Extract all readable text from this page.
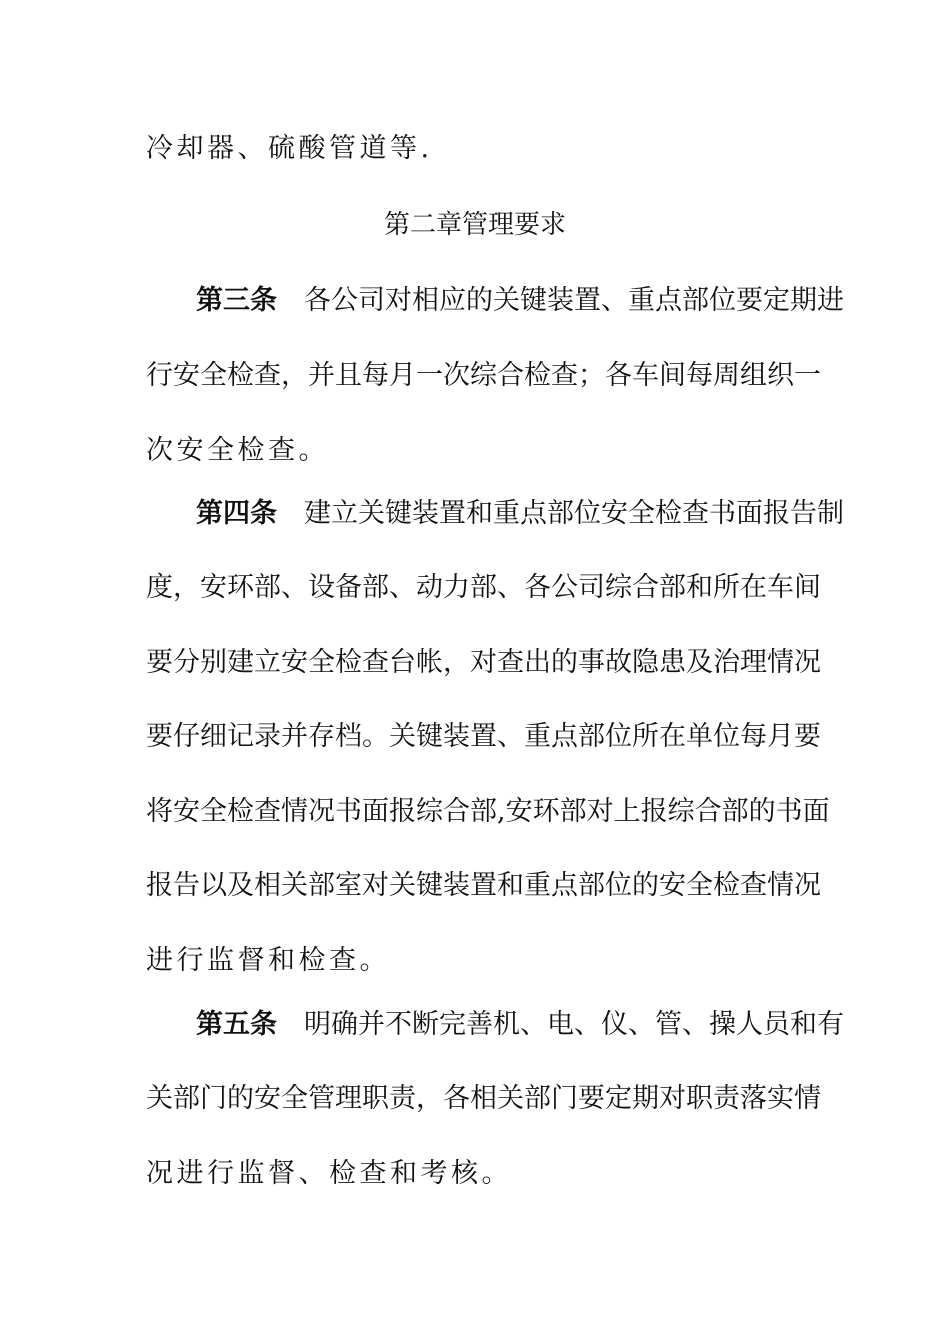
冷却器、硫酸管道等.
第二章管理要求
第三条　 各公司对相应的关键装置、重点部位要定期进
行安全检查，并且每月一次综合检查；各车间每周组织一
次安全检查。
第四条　 建立关键装置和重点部位安全检查书面报告制
度，安环部、设备部、动力部、各公司综合部和所在车间
要分别建立安全检查台帐，对查出的事故隐患及治理情况
要仔细记录并存档。关键装置、重点部位所在单位每月要
将安全检查情况书面报综合部,安环部对上报综合部的书面
报告以及相关部室对关键装置和重点部位的安全检查情况
进行监督和检查。
第五条　 明确并不断完善机、电、仪、管、操人员和有
关部门的安全管理职责，各相关部门要定期对职责落实情
况进行监督、检查和考核。
